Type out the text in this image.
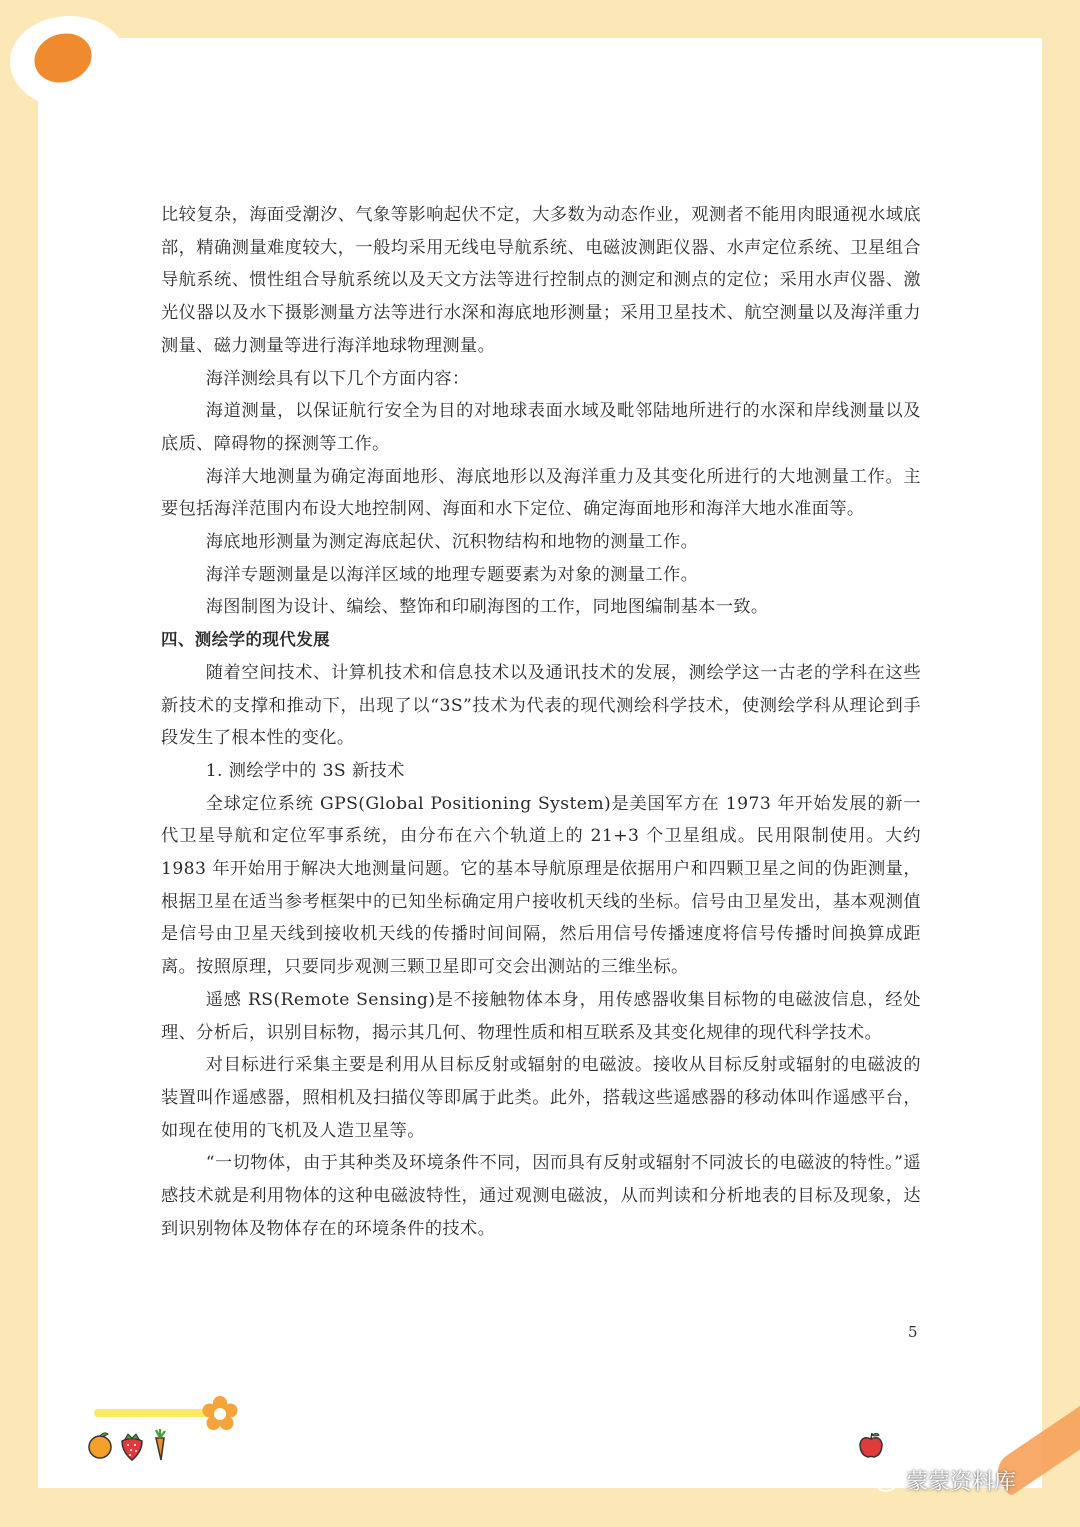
比较复杂，海面受潮汐、气象等影响起伏不定，大多数为动态作业，观测者不能用肉眼通视水域底部，精确测量难度较大，一般均采用无线电导航系统、电磁波测距仪器、水声定位系统、卫星组合导航系统、惯性组合导航系统以及天文方法等进行控制点的测定和测点的定位；采用水声仪器、激光仪器以及水下摄影测量方法等进行水深和海底地形测量；采用卫星技术、航空测量以及海洋重力测量、磁力测量等进行海洋地球物理测量。

海洋测绘具有以下几个方面内容：

海道测量，以保证航行安全为目的对地球表面水域及毗邻陆地所进行的水深和岸线测量以及底质、障碍物的探测等工作。

海洋大地测量为确定海面地形、海底地形以及海洋重力及其变化所进行的大地测量工作。主要包括海洋范围内布设大地控制网、海面和水下定位、确定海面地形和海洋大地水准面等。

海底地形测量为测定海底起伏、沉积物结构和地物的测量工作。

海洋专题测量是以海洋区域的地理专题要素为对象的测量工作。

海图制图为设计、编绘、整饰和印刷海图的工作，同地图编制基本一致。

四、测绘学的现代发展

随着空间技术、计算机技术和信息技术以及通讯技术的发展，测绘学这一古老的学科在这些新技术的支撑和推动下，出现了以“3S”技术为代表的现代测绘科学技术，使测绘学科从理论到手段发生了根本性的变化。

1. 测绘学中的 3S 新技术

全球定位系统 GPS(Global Positioning System)是美国军方在 1973 年开始发展的新一代卫星导航和定位军事系统，由分布在六个轨道上的 21+3 个卫星组成。民用限制使用。大约 1983 年开始用于解决大地测量问题。它的基本导航原理是依据用户和四颗卫星之间的伪距测量，根据卫星在适当参考框架中的已知坐标确定用户接收机天线的坐标。信号由卫星发出，基本观测值是信号由卫星天线到接收机天线的传播时间间隔，然后用信号传播速度将信号传播时间换算成距离。按照原理，只要同步观测三颗卫星即可交会出测站的三维坐标。

遥感 RS(Remote Sensing)是不接触物体本身，用传感器收集目标物的电磁波信息，经处理、分析后，识别目标物，揭示其几何、物理性质和相互联系及其变化规律的现代科学技术。

对目标进行采集主要是利用从目标反射或辐射的电磁波。接收从目标反射或辐射的电磁波的装置叫作遥感器，照相机及扫描仪等即属于此类。此外，搭载这些遥感器的移动体叫作遥感平台，如现在使用的飞机及人造卫星等。

“一切物体，由于其种类及环境条件不同，因而具有反射或辐射不同波长的电磁波的特性。”遥感技术就是利用物体的这种电磁波特性，通过观测电磁波，从而判读和分析地表的目标及现象，达到识别物体及物体存在的环境条件的技术。

5
蒙蒙资料库
